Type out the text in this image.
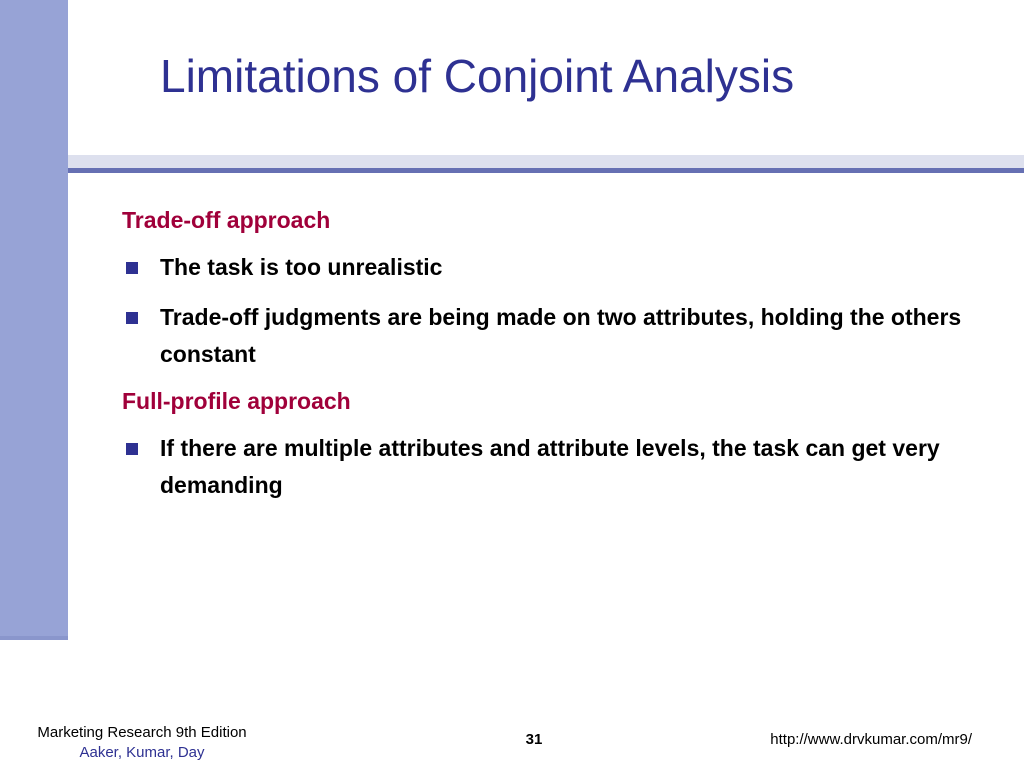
Limitations of Conjoint Analysis
Trade-off approach
The task is too unrealistic
Trade-off judgments are being made on two attributes, holding the others constant
Full-profile approach
If there are multiple attributes and attribute levels, the task can get very demanding
Marketing Research 9th Edition
Aaker, Kumar, Day
31	http://www.drvkumar.com/mr9/
